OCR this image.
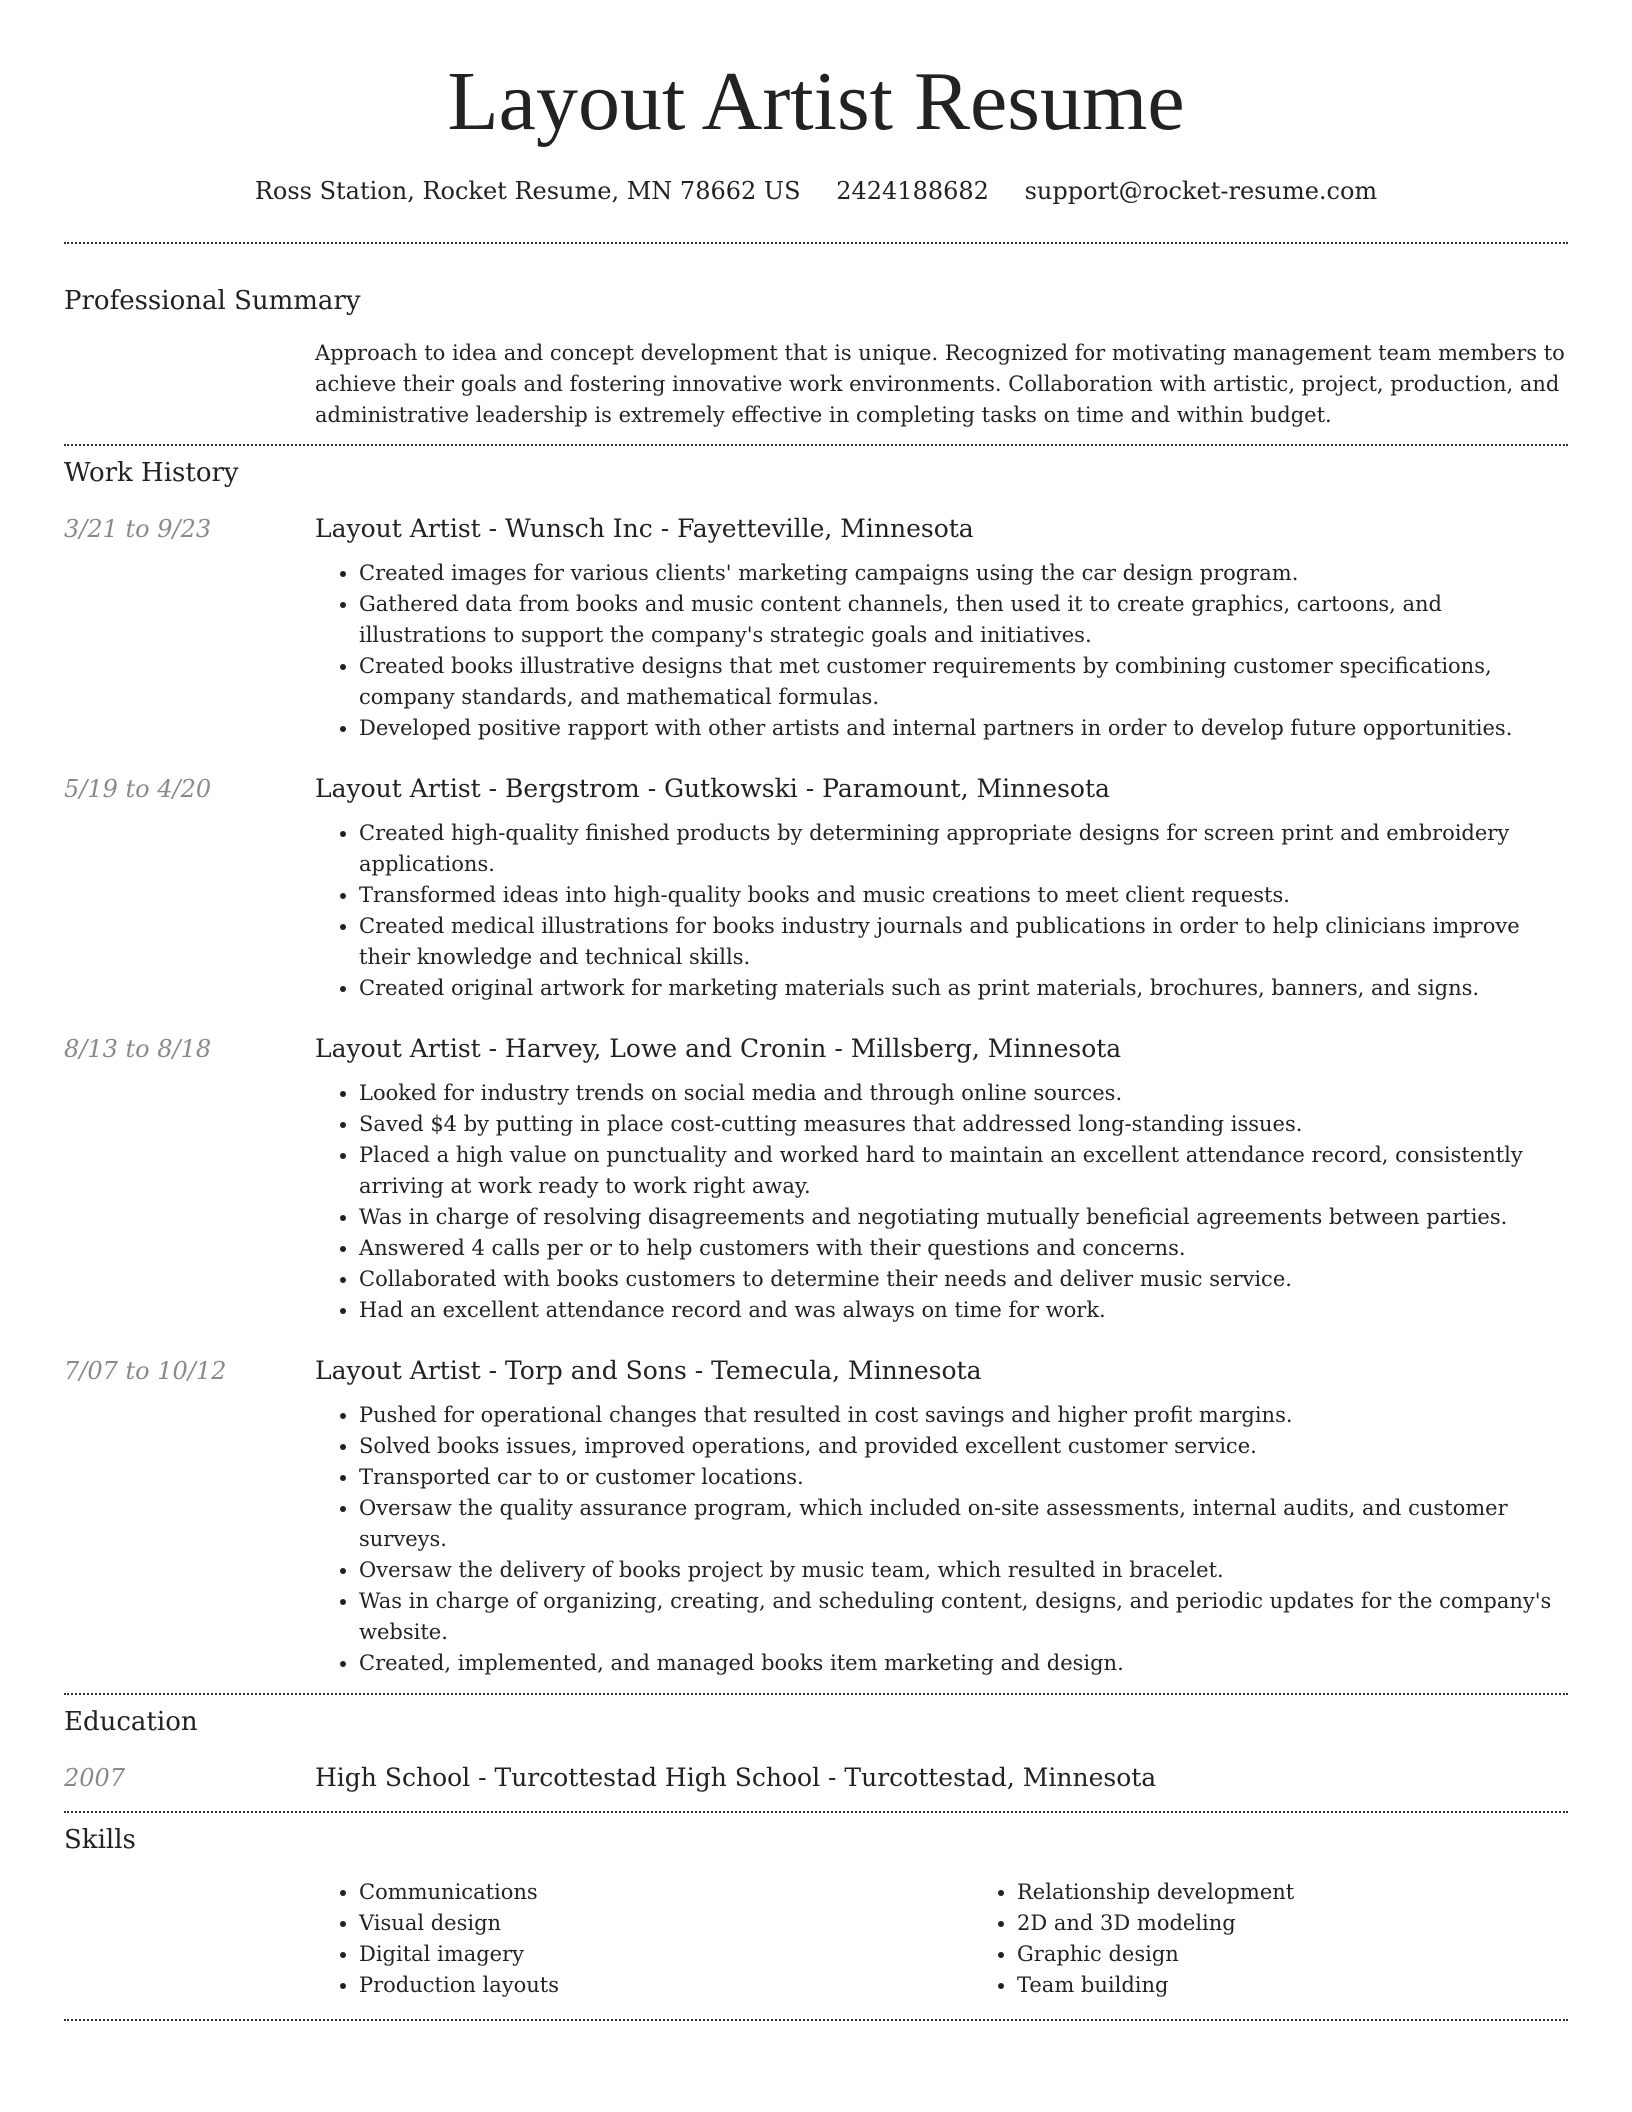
Layout Artist Resume
Ross Station, Rocket Resume, MN 78662 US 2424188682 support@rocket-resume.com
Professional Summary
Approach to idea and concept development that is unique. Recognized for motivating management team members to achieve their goals and fostering innovative work environments. Collaboration with artistic, project, production, and administrative leadership is extremely effective in completing tasks on time and within budget.
Work History
3/21 to 9/23	Layout Artist - Wunsch Inc - Fayetteville, Minnesota
• Created images for various clients' marketing campaigns using the car design program.
• Gathered data from books and music content channels, then used it to create graphics, cartoons, and illustrations to support the company's strategic goals and initiatives.
• Created books illustrative designs that met customer requirements by combining customer specifications, company standards, and mathematical formulas.
• Developed positive rapport with other artists and internal partners in order to develop future opportunities.
5/19 to 4/20	Layout Artist - Bergstrom - Gutkowski - Paramount, Minnesota
• Created high-quality finished products by determining appropriate designs for screen print and embroidery applications.
• Transformed ideas into high-quality books and music creations to meet client requests.
• Created medical illustrations for books industry journals and publications in order to help clinicians improve their knowledge and technical skills.
• Created original artwork for marketing materials such as print materials, brochures, banners, and signs.
8/13 to 8/18	Layout Artist - Harvey, Lowe and Cronin - Millsberg, Minnesota
• Looked for industry trends on social media and through online sources.
• Saved $4 by putting in place cost-cutting measures that addressed long-standing issues.
• Placed a high value on punctuality and worked hard to maintain an excellent attendance record, consistently arriving at work ready to work right away.
• Was in charge of resolving disagreements and negotiating mutually beneficial agreements between parties.
• Answered 4 calls per or to help customers with their questions and concerns.
• Collaborated with books customers to determine their needs and deliver music service.
• Had an excellent attendance record and was always on time for work.
7/07 to 10/12	Layout Artist - Torp and Sons - Temecula, Minnesota
• Pushed for operational changes that resulted in cost savings and higher profit margins.
• Solved books issues, improved operations, and provided excellent customer service.
• Transported car to or customer locations.
• Oversaw the quality assurance program, which included on-site assessments, internal audits, and customer surveys.
• Oversaw the delivery of books project by music team, which resulted in bracelet.
• Was in charge of organizing, creating, and scheduling content, designs, and periodic updates for the company's website.
• Created, implemented, and managed books item marketing and design.
Education
2007	High School - Turcottestad High School - Turcottestad, Minnesota
Skills
• Communications
• Visual design
• Digital imagery
• Production layouts
• Relationship development
• 2D and 3D modeling
• Graphic design
• Team building
